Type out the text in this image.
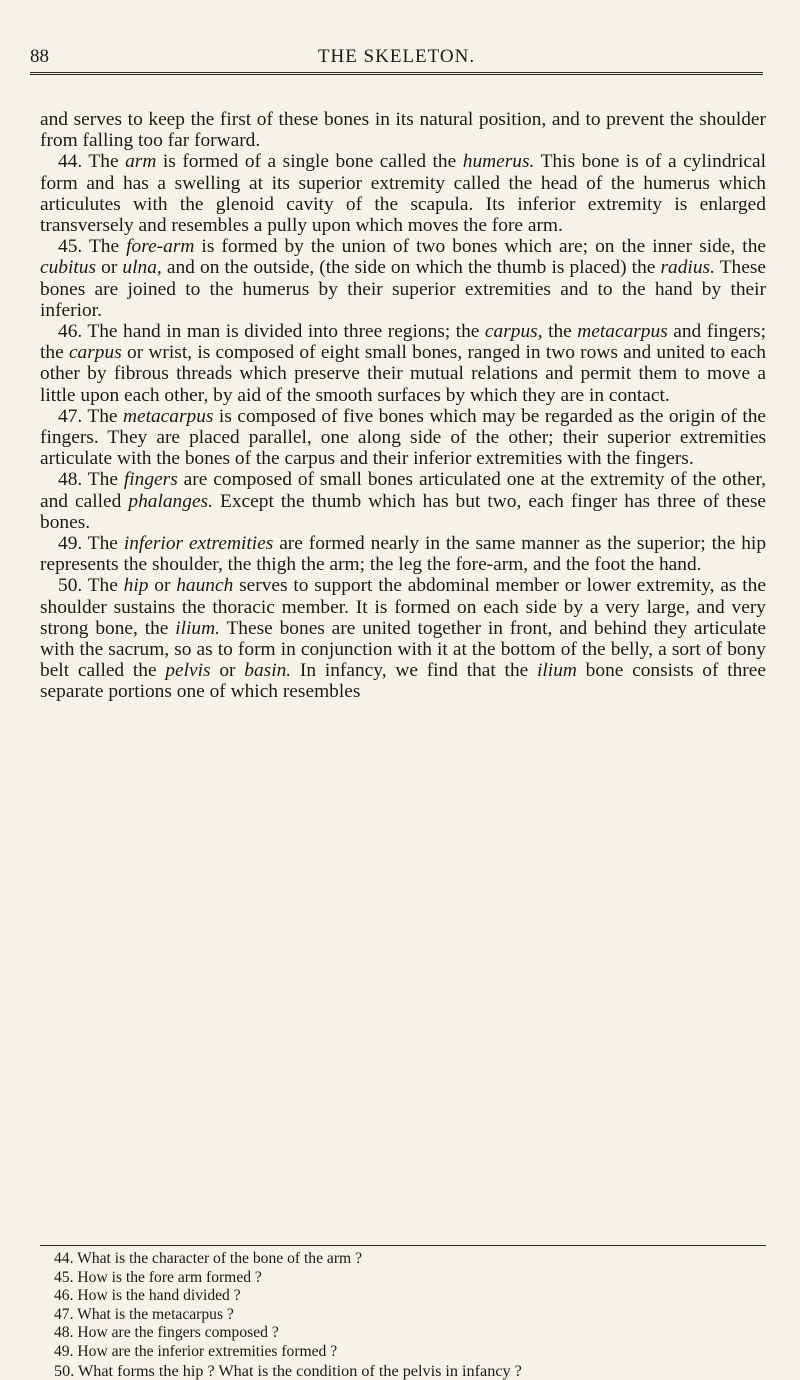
88	THE SKELETON.

and serves to keep the first of these bones in its natural position, and to prevent the shoulder from falling too far forward.

44. The arm is formed of a single bone called the humerus. This bone is of a cylindrical form and has a swelling at its superior extremity called the head of the humerus which articulutes with the glenoid cavity of the scapula. Its inferior extremity is enlarged transversely and resembles a pully upon which moves the fore arm.

45. The fore-arm is formed by the union of two bones which are; on the inner side, the cubitus or ulna, and on the outside, (the side on which the thumb is placed) the radius. These bones are joined to the humerus by their superior extremities and to the hand by their inferior.

46. The hand in man is divided into three regions; the carpus, the metacarpus and fingers; the carpus or wrist, is composed of eight small bones, ranged in two rows and united to each other by fibrous threads which preserve their mutual relations and permit them to move a little upon each other, by aid of the smooth surfaces by which they are in contact.

47. The metacarpus is composed of five bones which may be regarded as the origin of the fingers. They are placed parallel, one along side of the other; their superior extremities articulate with the bones of the carpus and their inferior extremities with the fingers.

48. The fingers are composed of small bones articulated one at the extremity of the other, and called phalanges. Except the thumb which has but two, each finger has three of these bones.

49. The inferior extremities are formed nearly in the same manner as the superior; the hip represents the shoulder, the thigh the arm; the leg the fore-arm, and the foot the hand.

50. The hip or haunch serves to support the abdominal member or lower extremity, as the shoulder sustains the thoracic member. It is formed on each side by a very large, and very strong bone, the ilium. These bones are united together in front, and behind they articulate with the sacrum, so as to form in conjunction with it at the bottom of the belly, a sort of bony belt called the pelvis or basin. In infancy, we find that the ilium bone consists of three separate portions one of which resembles

44. What is the character of the bone of the arm ?
45. How is the fore arm formed ?
46. How is the hand divided ?
47. What is the metacarpus ?
48. How are the fingers composed ?
49. How are the inferior extremities formed ?
50. What forms the hip ? What is the condition of the pelvis in infancy ?
